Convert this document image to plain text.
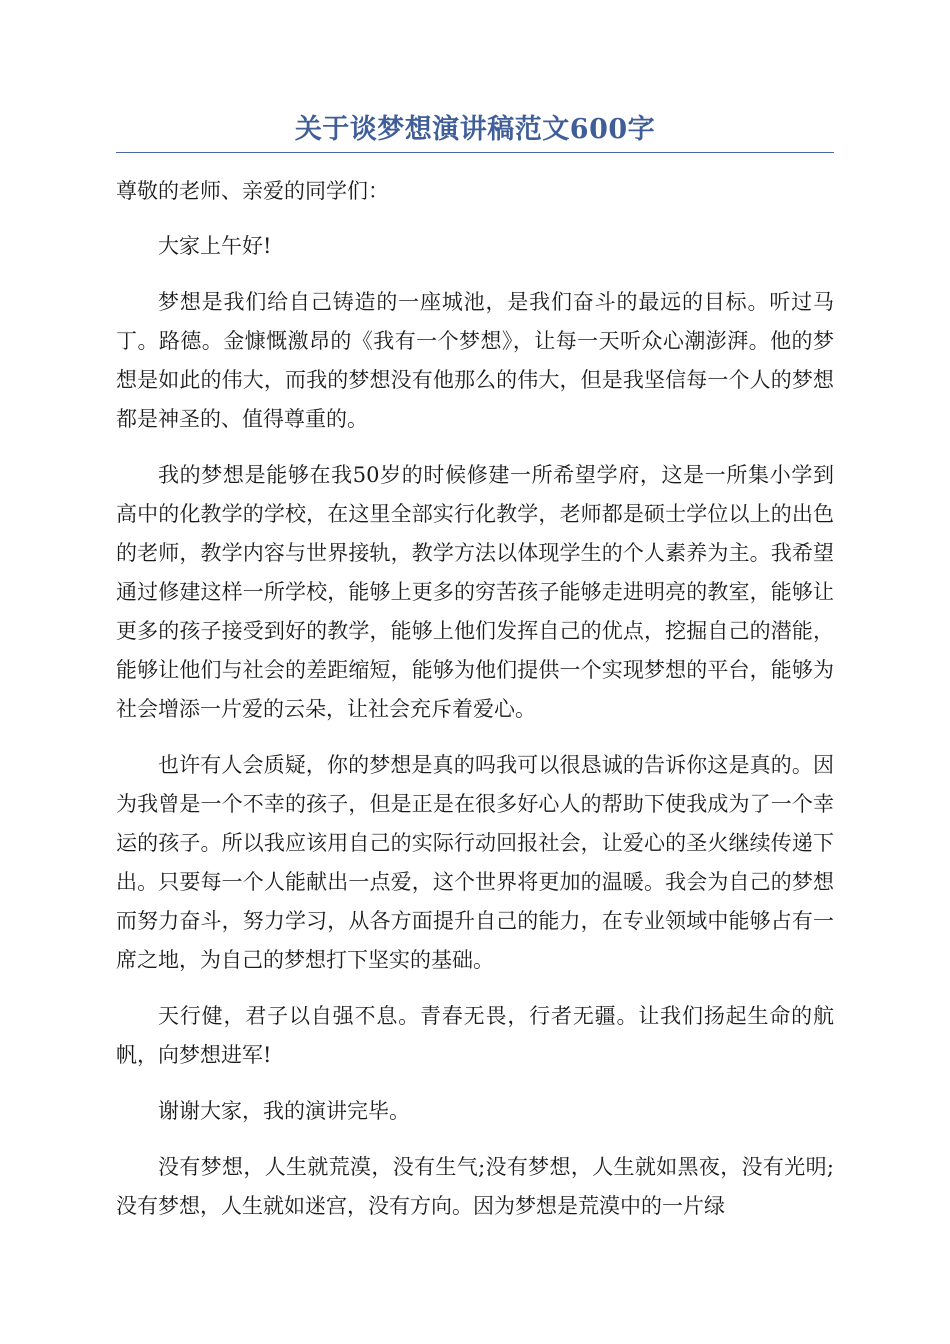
关于谈梦想演讲稿范文600字

尊敬的老师、亲爱的同学们：

大家上午好!

梦想是我们给自己铸造的一座城池，是我们奋斗的最远的目标。听过马丁。路德。金慷慨激昂的《我有一个梦想》，让每一天听众心潮澎湃。他的梦想是如此的伟大，而我的梦想没有他那么的伟大，但是我坚信每一个人的梦想都是神圣的、值得尊重的。

我的梦想是能够在我50岁的时候修建一所希望学府，这是一所集小学到高中的化教学的学校，在这里全部实行化教学，老师都是硕士学位以上的出色的老师，教学内容与世界接轨，教学方法以体现学生的个人素养为主。我希望通过修建这样一所学校，能够上更多的穷苦孩子能够走进明亮的教室，能够让更多的孩子接受到好的教学，能够上他们发挥自己的优点，挖掘自己的潜能，能够让他们与社会的差距缩短，能够为他们提供一个实现梦想的平台，能够为社会增添一片爱的云朵，让社会充斥着爱心。

也许有人会质疑，你的梦想是真的吗我可以很恳诚的告诉你这是真的。因为我曾是一个不幸的孩子，但是正是在很多好心人的帮助下使我成为了一个幸运的孩子。所以我应该用自己的实际行动回报社会，让爱心的圣火继续传递下出。只要每一个人能献出一点爱，这个世界将更加的温暖。我会为自己的梦想而努力奋斗，努力学习，从各方面提升自己的能力，在专业领域中能够占有一席之地，为自己的梦想打下坚实的基础。

天行健，君子以自强不息。青春无畏，行者无疆。让我们扬起生命的航帆，向梦想进军!

谢谢大家，我的演讲完毕。

没有梦想，人生就荒漠，没有生气;没有梦想，人生就如黑夜，没有光明;没有梦想，人生就如迷宫，没有方向。因为梦想是荒漠中的一片绿
